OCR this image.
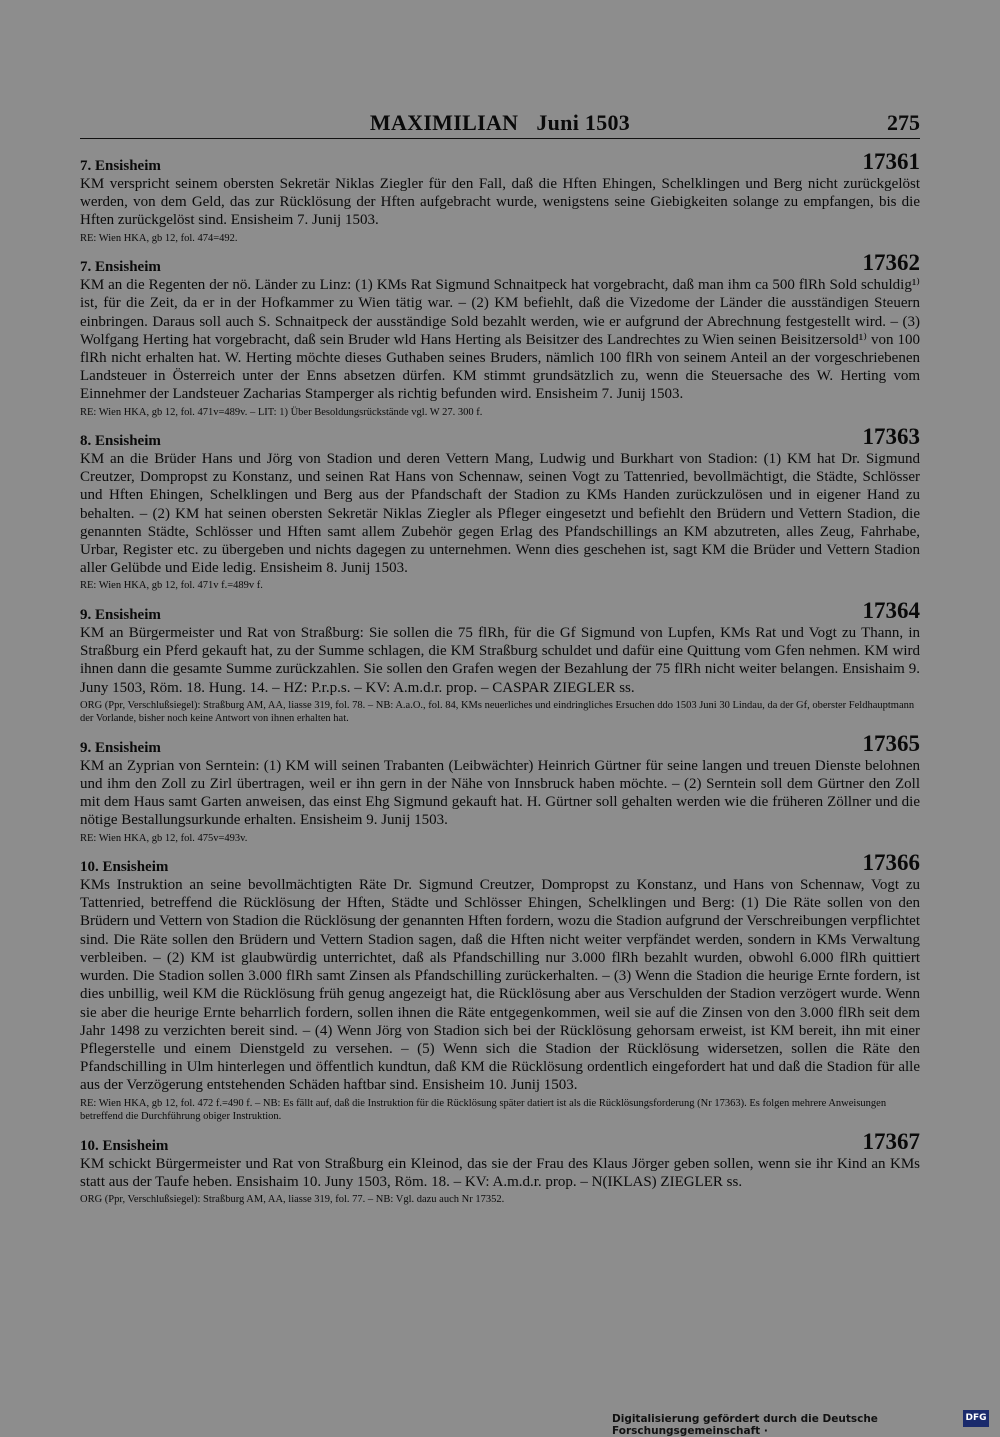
MAXIMILIAN Juni 1503	275
7. Ensisheim	17361
KM verspricht seinem obersten Sekretär Niklas Ziegler für den Fall, daß die Hften Ehingen, Schelklingen und Berg nicht zurückgelöst werden, von dem Geld, das zur Rücklösung der Hften aufgebracht wurde, wenigstens seine Giebigkeiten solange zu empfangen, bis die Hften zurückgelöst sind. Ensisheim 7. Junij 1503.
RE: Wien HKA, gb 12, fol. 474=492.
7. Ensisheim	17362
KM an die Regenten der nö. Länder zu Linz: (1) KMs Rat Sigmund Schnaitpeck hat vorgebracht, daß man ihm ca 500 flRh Sold schuldig¹⁾ ist, für die Zeit, da er in der Hofkammer zu Wien tätig war. – (2) KM befiehlt, daß die Vizedome der Länder die ausständigen Steuern einbringen. Daraus soll auch S. Schnaitpeck der ausständige Sold bezahlt werden, wie er aufgrund der Abrechnung festgestellt wird. – (3) Wolfgang Herting hat vorgebracht, daß sein Bruder wld Hans Herting als Beisitzer des Landrechtes zu Wien seinen Beisitzersold¹⁾ von 100 flRh nicht erhalten hat. W. Herting möchte dieses Guthaben seines Bruders, nämlich 100 flRh von seinem Anteil an der vorgeschriebenen Landsteuer in Österreich unter der Enns absetzen dürfen. KM stimmt grundsätzlich zu, wenn die Steuersache des W. Herting vom Einnehmer der Landsteuer Zacharias Stamperger als richtig befunden wird. Ensisheim 7. Junij 1503.
RE: Wien HKA, gb 12, fol. 471v=489v. – LIT: 1) Über Besoldungsrückstände vgl. W 27. 300 f.
8. Ensisheim	17363
KM an die Brüder Hans und Jörg von Stadion und deren Vettern Mang, Ludwig und Burkhart von Stadion: (1) KM hat Dr. Sigmund Creutzer, Dompropst zu Konstanz, und seinen Rat Hans von Schennaw, seinen Vogt zu Tattenried, bevollmächtigt, die Städte, Schlösser und Hften Ehingen, Schelklingen und Berg aus der Pfandschaft der Stadion zu KMs Handen zurückzulösen und in eigener Hand zu behalten. – (2) KM hat seinen obersten Sekretär Niklas Ziegler als Pfleger eingesetzt und befiehlt den Brüdern und Vettern Stadion, die genannten Städte, Schlösser und Hften samt allem Zubehör gegen Erlag des Pfandschillings an KM abzutreten, alles Zeug, Fahrhabe, Urbar, Register etc. zu übergeben und nichts dagegen zu unternehmen. Wenn dies geschehen ist, sagt KM die Brüder und Vettern Stadion aller Gelübde und Eide ledig. Ensisheim 8. Junij 1503.
RE: Wien HKA, gb 12, fol. 471v f.=489v f.
9. Ensisheim	17364
KM an Bürgermeister und Rat von Straßburg: Sie sollen die 75 flRh, für die Gf Sigmund von Lupfen, KMs Rat und Vogt zu Thann, in Straßburg ein Pferd gekauft hat, zu der Summe schlagen, die KM Straßburg schuldet und dafür eine Quittung vom Gfen nehmen. KM wird ihnen dann die gesamte Summe zurückzahlen. Sie sollen den Grafen wegen der Bezahlung der 75 flRh nicht weiter belangen. Ensishaim 9. Juny 1503, Röm. 18. Hung. 14. – HZ: P.r.p.s. – KV: A.m.d.r. prop. – CASPAR ZIEGLER ss.
ORG (Ppr, Verschlußsiegel): Straßburg AM, AA, liasse 319, fol. 78. – NB: A.a.O., fol. 84, KMs neuerliches und eindringliches Ersuchen ddo 1503 Juni 30 Lindau, da der Gf, oberster Feldhauptmann der Vorlande, bisher noch keine Antwort von ihnen erhalten hat.
9. Ensisheim	17365
KM an Zyprian von Serntein: (1) KM will seinen Trabanten (Leibwächter) Heinrich Gürtner für seine langen und treuen Dienste belohnen und ihm den Zoll zu Zirl übertragen, weil er ihn gern in der Nähe von Innsbruck haben möchte. – (2) Serntein soll dem Gürtner den Zoll mit dem Haus samt Garten anweisen, das einst Ehg Sigmund gekauft hat. H. Gürtner soll gehalten werden wie die früheren Zöllner und die nötige Bestallungsurkunde erhalten. Ensisheim 9. Junij 1503.
RE: Wien HKA, gb 12, fol. 475v=493v.
10. Ensisheim	17366
KMs Instruktion an seine bevollmächtigten Räte Dr. Sigmund Creutzer, Dompropst zu Konstanz, und Hans von Schennaw, Vogt zu Tattenried, betreffend die Rücklösung der Hften, Städte und Schlösser Ehingen, Schelklingen und Berg: (1) Die Räte sollen von den Brüdern und Vettern von Stadion die Rücklösung der genannten Hften fordern, wozu die Stadion aufgrund der Verschreibungen verpflichtet sind. Die Räte sollen den Brüdern und Vettern Stadion sagen, daß die Hften nicht weiter verpfändet werden, sondern in KMs Verwaltung verbleiben. – (2) KM ist glaubwürdig unterrichtet, daß als Pfandschilling nur 3.000 flRh bezahlt wurden, obwohl 6.000 flRh quittiert wurden. Die Stadion sollen 3.000 flRh samt Zinsen als Pfandschilling zurückerhalten. – (3) Wenn die Stadion die heurige Ernte fordern, ist dies unbillig, weil KM die Rücklösung früh genug angezeigt hat, die Rücklösung aber aus Verschulden der Stadion verzögert wurde. Wenn sie aber die heurige Ernte beharrlich fordern, sollen ihnen die Räte entgegenkommen, weil sie auf die Zinsen von den 3.000 flRh seit dem Jahr 1498 zu verzichten bereit sind. – (4) Wenn Jörg von Stadion sich bei der Rücklösung gehorsam erweist, ist KM bereit, ihn mit einer Pflegerstelle und einem Dienstgeld zu versehen. – (5) Wenn sich die Stadion der Rücklösung widersetzen, sollen die Räte den Pfandschilling in Ulm hinterlegen und öffentlich kundtun, daß KM die Rücklösung ordentlich eingefordert hat und daß die Stadion für alle aus der Verzögerung entstehenden Schäden haftbar sind. Ensisheim 10. Junij 1503.
RE: Wien HKA, gb 12, fol. 472 f.=490 f. – NB: Es fällt auf, daß die Instruktion für die Rücklösung später datiert ist als die Rücklösungsforderung (Nr 17363). Es folgen mehrere Anweisungen betreffend die Durchführung obiger Instruktion.
10. Ensisheim	17367
KM schickt Bürgermeister und Rat von Straßburg ein Kleinod, das sie der Frau des Klaus Jörger geben sollen, wenn sie ihr Kind an KMs statt aus der Taufe heben. Ensishaim 10. Juny 1503, Röm. 18. – KV: A.m.d.r. prop. – N(IKLAS) ZIEGLER ss.
ORG (Ppr, Verschlußsiegel): Straßburg AM, AA, liasse 319, fol. 77. – NB: Vgl. dazu auch Nr 17352.
Digitalisierung gefördert durch die Deutsche Forschungsgemeinschaft ·
DFG
